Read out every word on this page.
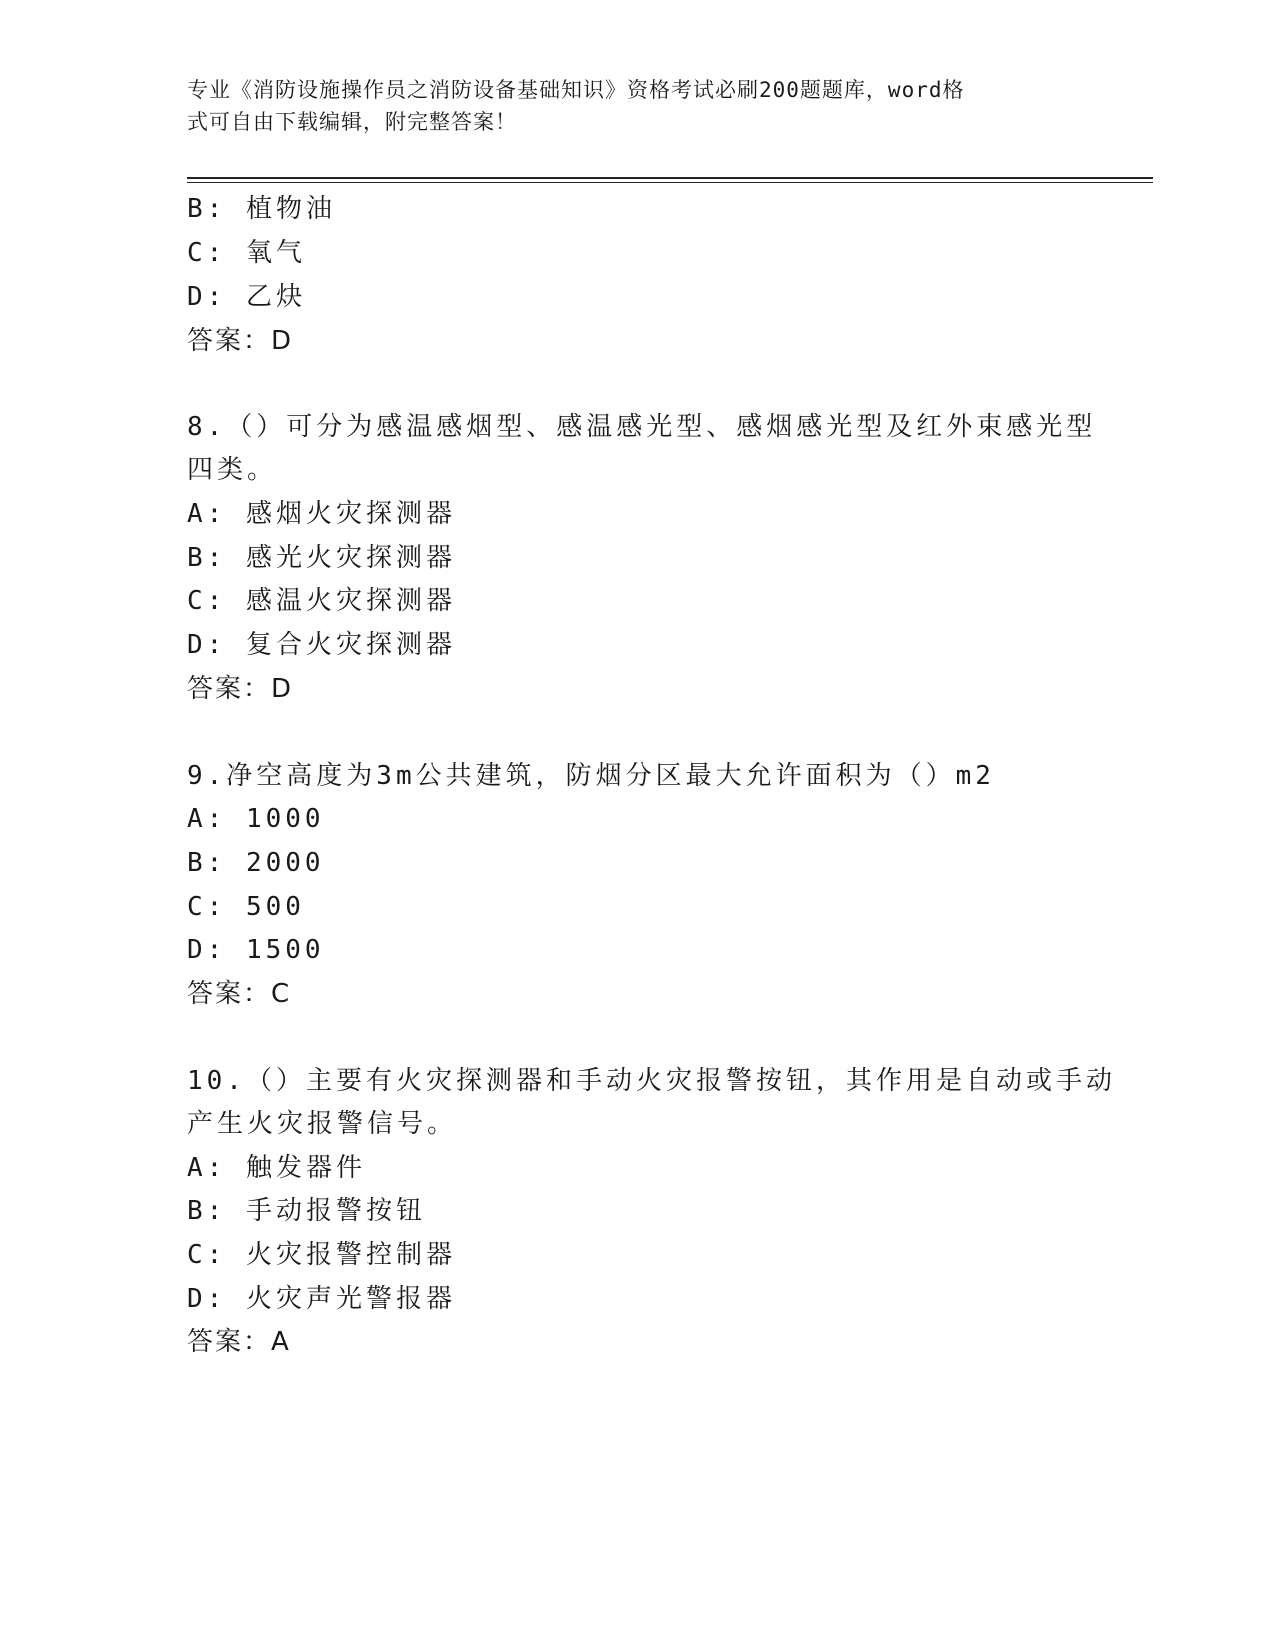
专业《消防设施操作员之消防设备基础知识》资格考试必刷200题题库，word格
式可自由下载编辑，附完整答案！
B: 植物油
C: 氧气
D: 乙炔
答案：D
8.（）可分为感温感烟型、感温感光型、感烟感光型及红外束感光型
四类。
A: 感烟火灾探测器
B: 感光火灾探测器
C: 感温火灾探测器
D: 复合火灾探测器
答案：D
9.净空高度为3m公共建筑，防烟分区最大允许面积为（）m2
A: 1000
B: 2000
C: 500
D: 1500
答案：C
10.（）主要有火灾探测器和手动火灾报警按钮，其作用是自动或手动
产生火灾报警信号。
A: 触发器件
B: 手动报警按钮
C: 火灾报警控制器
D: 火灾声光警报器
答案：A
